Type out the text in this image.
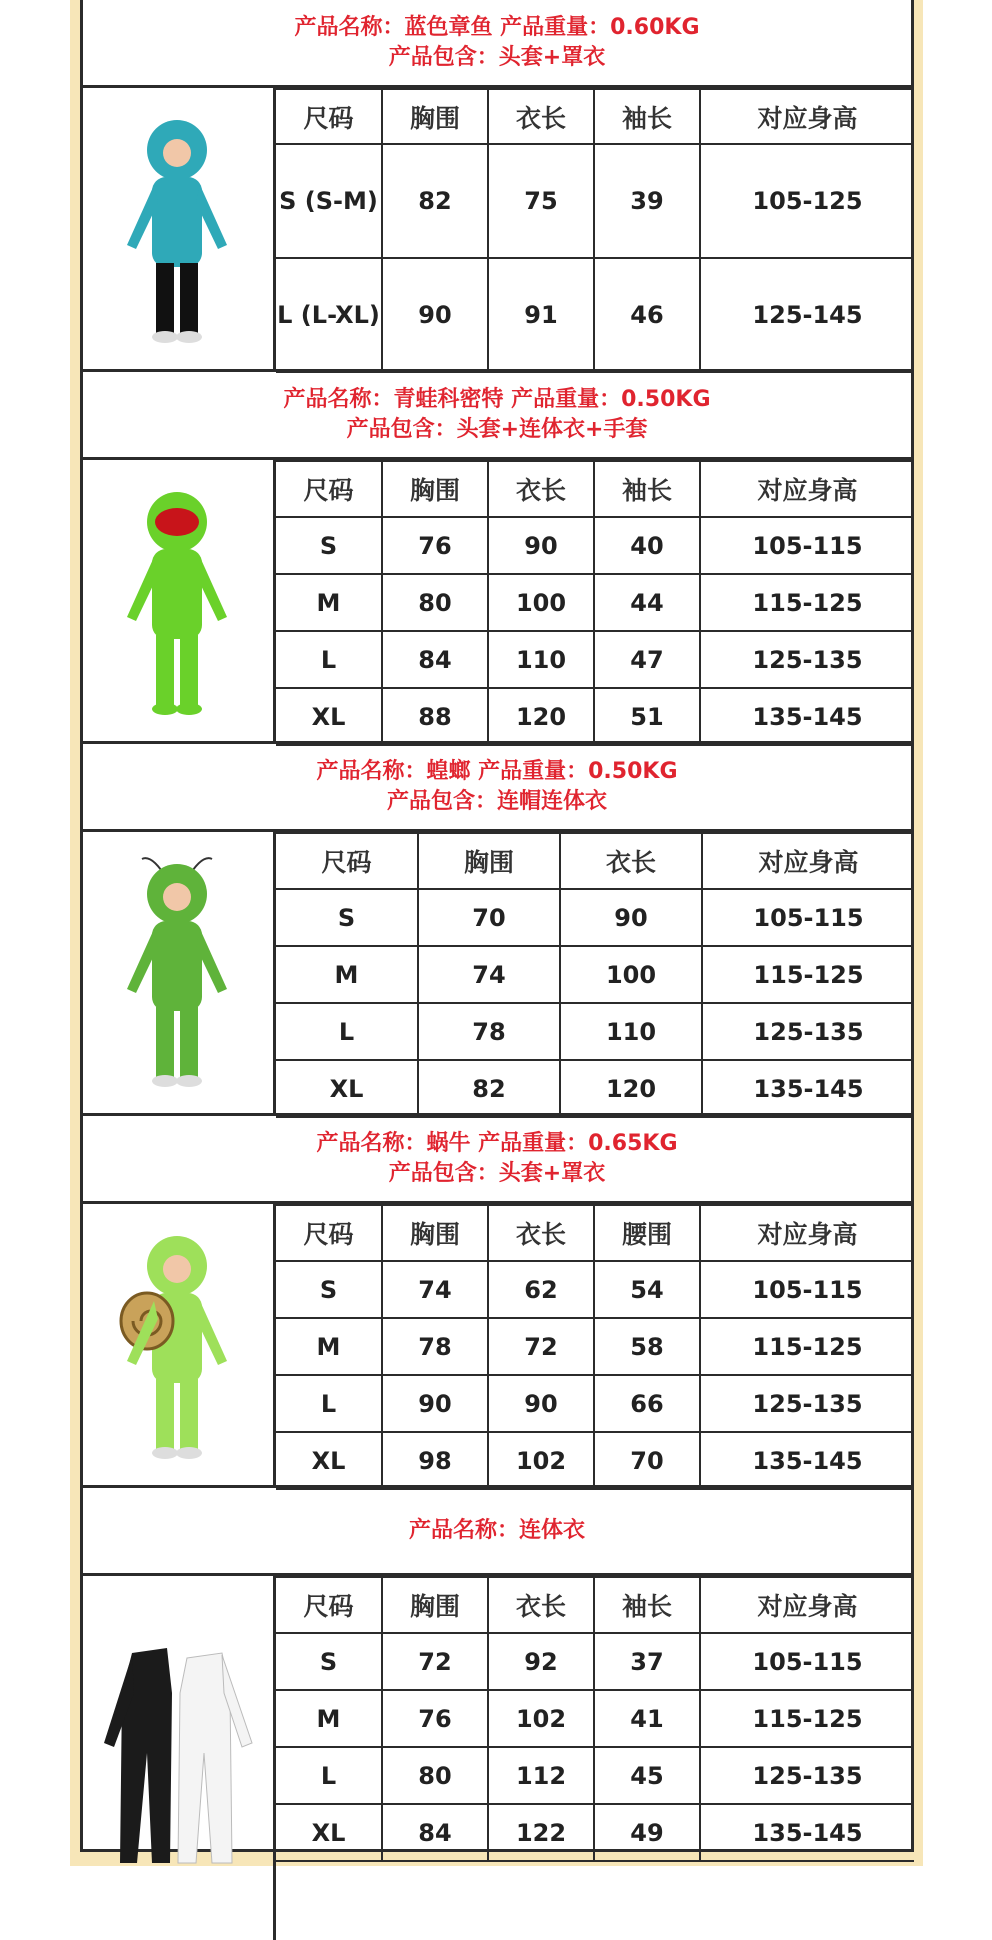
产品名称：蓝色章鱼 产品重量：0.60KG
产品包含：头套+罩衣
尺码	胸围	衣长	袖长	对应身高
S (S-M)	82	75	39	105-125
L (L-XL)	90	91	46	125-145
产品名称：青蛙科密特 产品重量：0.50KG
产品包含：头套+连体衣+手套
尺码	胸围	衣长	袖长	对应身高
S	76	90	40	105-115
M	80	100	44	115-125
L	84	110	47	125-135
XL	88	120	51	135-145
产品名称：蝗螂 产品重量：0.50KG
产品包含：连帽连体衣
尺码	胸围	衣长	对应身高
S	70	90	105-115
M	74	100	115-125
L	78	110	125-135
XL	82	120	135-145
产品名称：蜗牛 产品重量：0.65KG
产品包含：头套+罩衣
尺码	胸围	衣长	腰围	对应身高
S	74	62	54	105-115
M	78	72	58	115-125
L	90	90	66	125-135
XL	98	102	70	135-145
产品名称：连体衣
尺码	胸围	衣长	袖长	对应身高
S	72	92	37	105-115
M	76	102	41	115-125
L	80	112	45	125-135
XL	84	122	49	135-145
